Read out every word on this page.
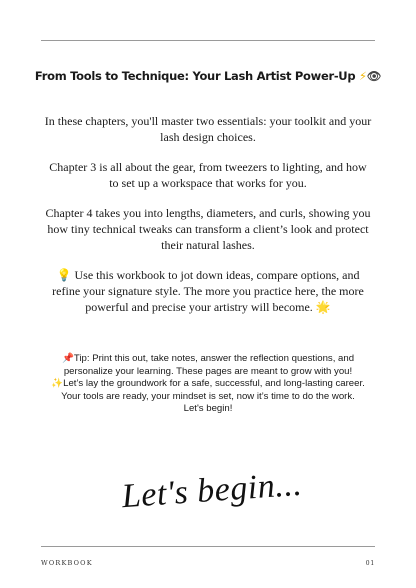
From Tools to Technique: Your Lash Artist Power-Up ⚡👁

In these chapters, you'll master two essentials: your toolkit and your lash design choices.

Chapter 3 is all about the gear, from tweezers to lighting, and how to set up a workspace that works for you.

Chapter 4 takes you into lengths, diameters, and curls, showing you how tiny technical tweaks can transform a client’s look and protect their natural lashes.

💡 Use this workbook to jot down ideas, compare options, and refine your signature style. The more you practice here, the more powerful and precise your artistry will become. 🌟

📌Tip: Print this out, take notes, answer the reflection questions, and personalize your learning. These pages are meant to grow with you!

✨Let’s lay the groundwork for a safe, successful, and long-lasting career.

Your tools are ready, your mindset is set, now it’s time to do the work. Let's begin!

Let's begin...
WORKBOOK	01
